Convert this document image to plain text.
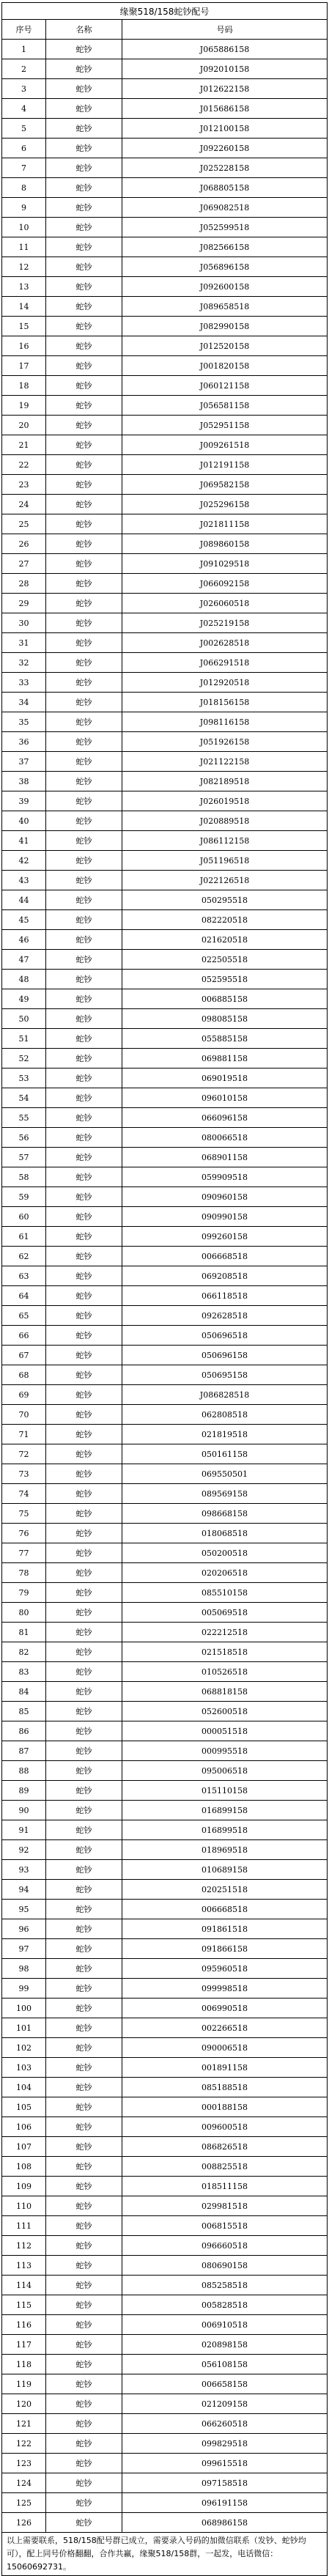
缘聚518/158蛇钞配号		
序号	名称	号码
1	蛇钞	J065886158
2	蛇钞	J092010158
3	蛇钞	J012622158
4	蛇钞	J015686158
5	蛇钞	J012100158
6	蛇钞	J092260158
7	蛇钞	J025228158
8	蛇钞	J068805158
9	蛇钞	J069082518
10	蛇钞	J052599518
11	蛇钞	J082566158
12	蛇钞	J056896158
13	蛇钞	J092600158
14	蛇钞	J089658518
15	蛇钞	J082990158
16	蛇钞	J012520158
17	蛇钞	J001820158
18	蛇钞	J060121158
19	蛇钞	J056581158
20	蛇钞	J052951158
21	蛇钞	J009261518
22	蛇钞	J012191158
23	蛇钞	J069582158
24	蛇钞	J025296158
25	蛇钞	J021811158
26	蛇钞	J089860158
27	蛇钞	J091029518
28	蛇钞	J066092158
29	蛇钞	J026060518
30	蛇钞	J025219158
31	蛇钞	J002628518
32	蛇钞	J066291518
33	蛇钞	J012920518
34	蛇钞	J018156158
35	蛇钞	J098116158
36	蛇钞	J051926158
37	蛇钞	J021122158
38	蛇钞	J082189518
39	蛇钞	J026019518
40	蛇钞	J020889518
41	蛇钞	J086112158
42	蛇钞	J051196518
43	蛇钞	J022126518
44	蛇钞	050295518
45	蛇钞	082220518
46	蛇钞	021620518
47	蛇钞	022505518
48	蛇钞	052595518
49	蛇钞	006885158
50	蛇钞	098085158
51	蛇钞	055885158
52	蛇钞	069881158
53	蛇钞	069019518
54	蛇钞	096010158
55	蛇钞	066096158
56	蛇钞	080066518
57	蛇钞	068901158
58	蛇钞	059909518
59	蛇钞	090960158
60	蛇钞	090990158
61	蛇钞	099260158
62	蛇钞	006668518
63	蛇钞	069208518
64	蛇钞	066118518
65	蛇钞	092628518
66	蛇钞	050696518
67	蛇钞	050696158
68	蛇钞	050695158
69	蛇钞	J086828518
70	蛇钞	062808518
71	蛇钞	021819518
72	蛇钞	050161158
73	蛇钞	069550501
74	蛇钞	089569158
75	蛇钞	098668158
76	蛇钞	018068518
77	蛇钞	050200518
78	蛇钞	020206518
79	蛇钞	085510158
80	蛇钞	005069518
81	蛇钞	022212518
82	蛇钞	021518518
83	蛇钞	010526518
84	蛇钞	068818158
85	蛇钞	052600518
86	蛇钞	000051518
87	蛇钞	000995518
88	蛇钞	095006518
89	蛇钞	015110158
90	蛇钞	016899158
91	蛇钞	016899518
92	蛇钞	018969518
93	蛇钞	010689158
94	蛇钞	020251518
95	蛇钞	006668518
96	蛇钞	091861518
97	蛇钞	091866158
98	蛇钞	095960518
99	蛇钞	099998518
100	蛇钞	006990518
101	蛇钞	002266518
102	蛇钞	090006518
103	蛇钞	001891158
104	蛇钞	085188518
105	蛇钞	000188158
106	蛇钞	009600518
107	蛇钞	086826518
108	蛇钞	008825518
109	蛇钞	018511158
110	蛇钞	029981518
111	蛇钞	006815518
112	蛇钞	096660518
113	蛇钞	080690158
114	蛇钞	085258518
115	蛇钞	005828518
116	蛇钞	006910518
117	蛇钞	020898158
118	蛇钞	056108158
119	蛇钞	006658158
120	蛇钞	021209158
121	蛇钞	066260518
122	蛇钞	099829518
123	蛇钞	099615518
124	蛇钞	097158518
125	蛇钞	096191158
126	蛇钞	068986158
以上需要联系，518/158配号群已成立，需要录入号码的加微信联系（发钞、蛇钞均可），配上同号价格翻翻，合作共赢，缘聚518/158群，一起发，电话微信：15060692731。		
